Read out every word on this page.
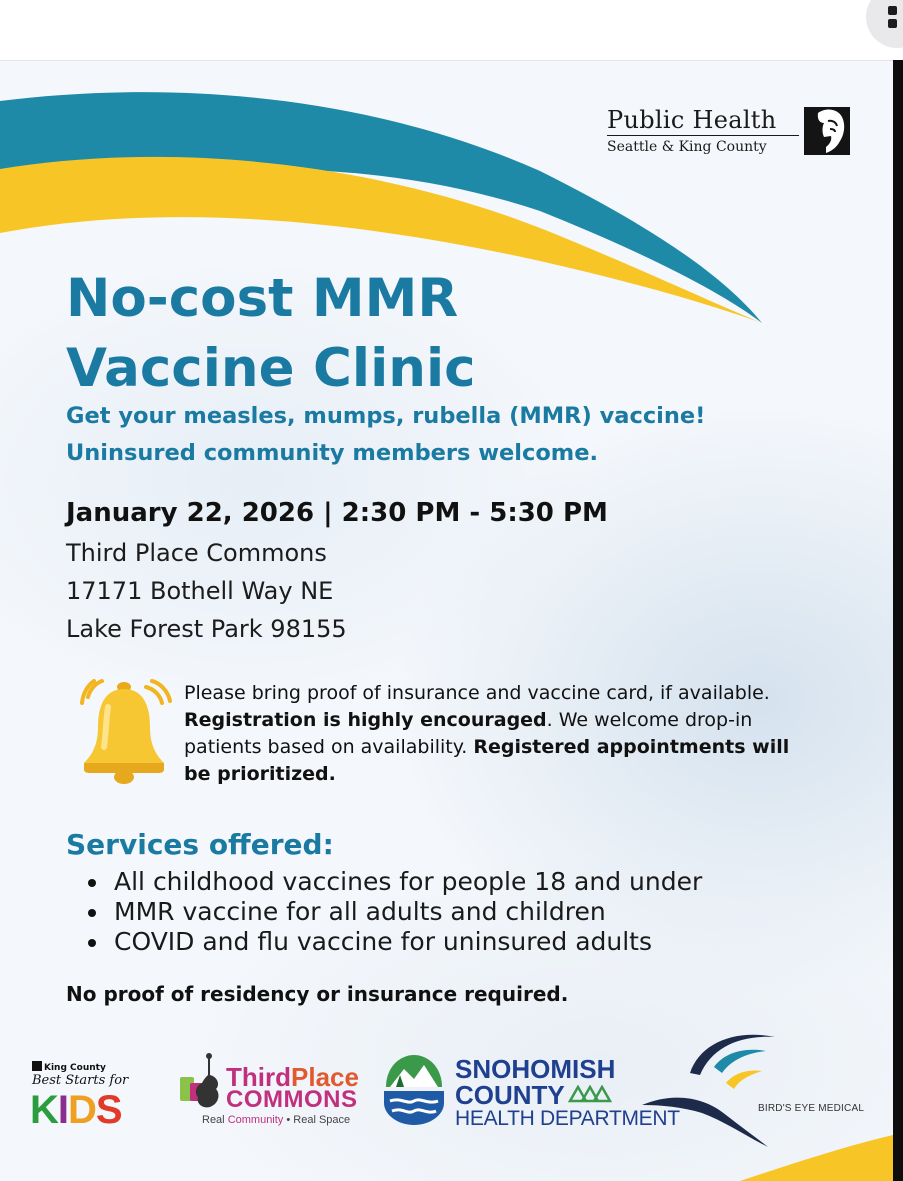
Public Health
Seattle & King County
No-cost MMR
Vaccine Clinic
Get your measles, mumps, rubella (MMR) vaccine!
Uninsured community members welcome.
January 22, 2026 | 2:30 PM - 5:30 PM
Third Place Commons
17171 Bothell Way NE
Lake Forest Park 98155
Please bring proof of insurance and vaccine card, if available. Registration is highly encouraged. We welcome drop-in patients based on availability. Registered appointments will be prioritized.
Services offered:
All childhood vaccines for people 18 and under
MMR vaccine for all adults and children
COVID and flu vaccine for uninsured adults
No proof of residency or insurance required.
King County
Best Starts for
KIDS
ThirdPlace
COMMONS
Real Community • Real Space
SNOHOMISH
COUNTY
HEALTH DEPARTMENT	BIRD'S EYE MEDICAL
